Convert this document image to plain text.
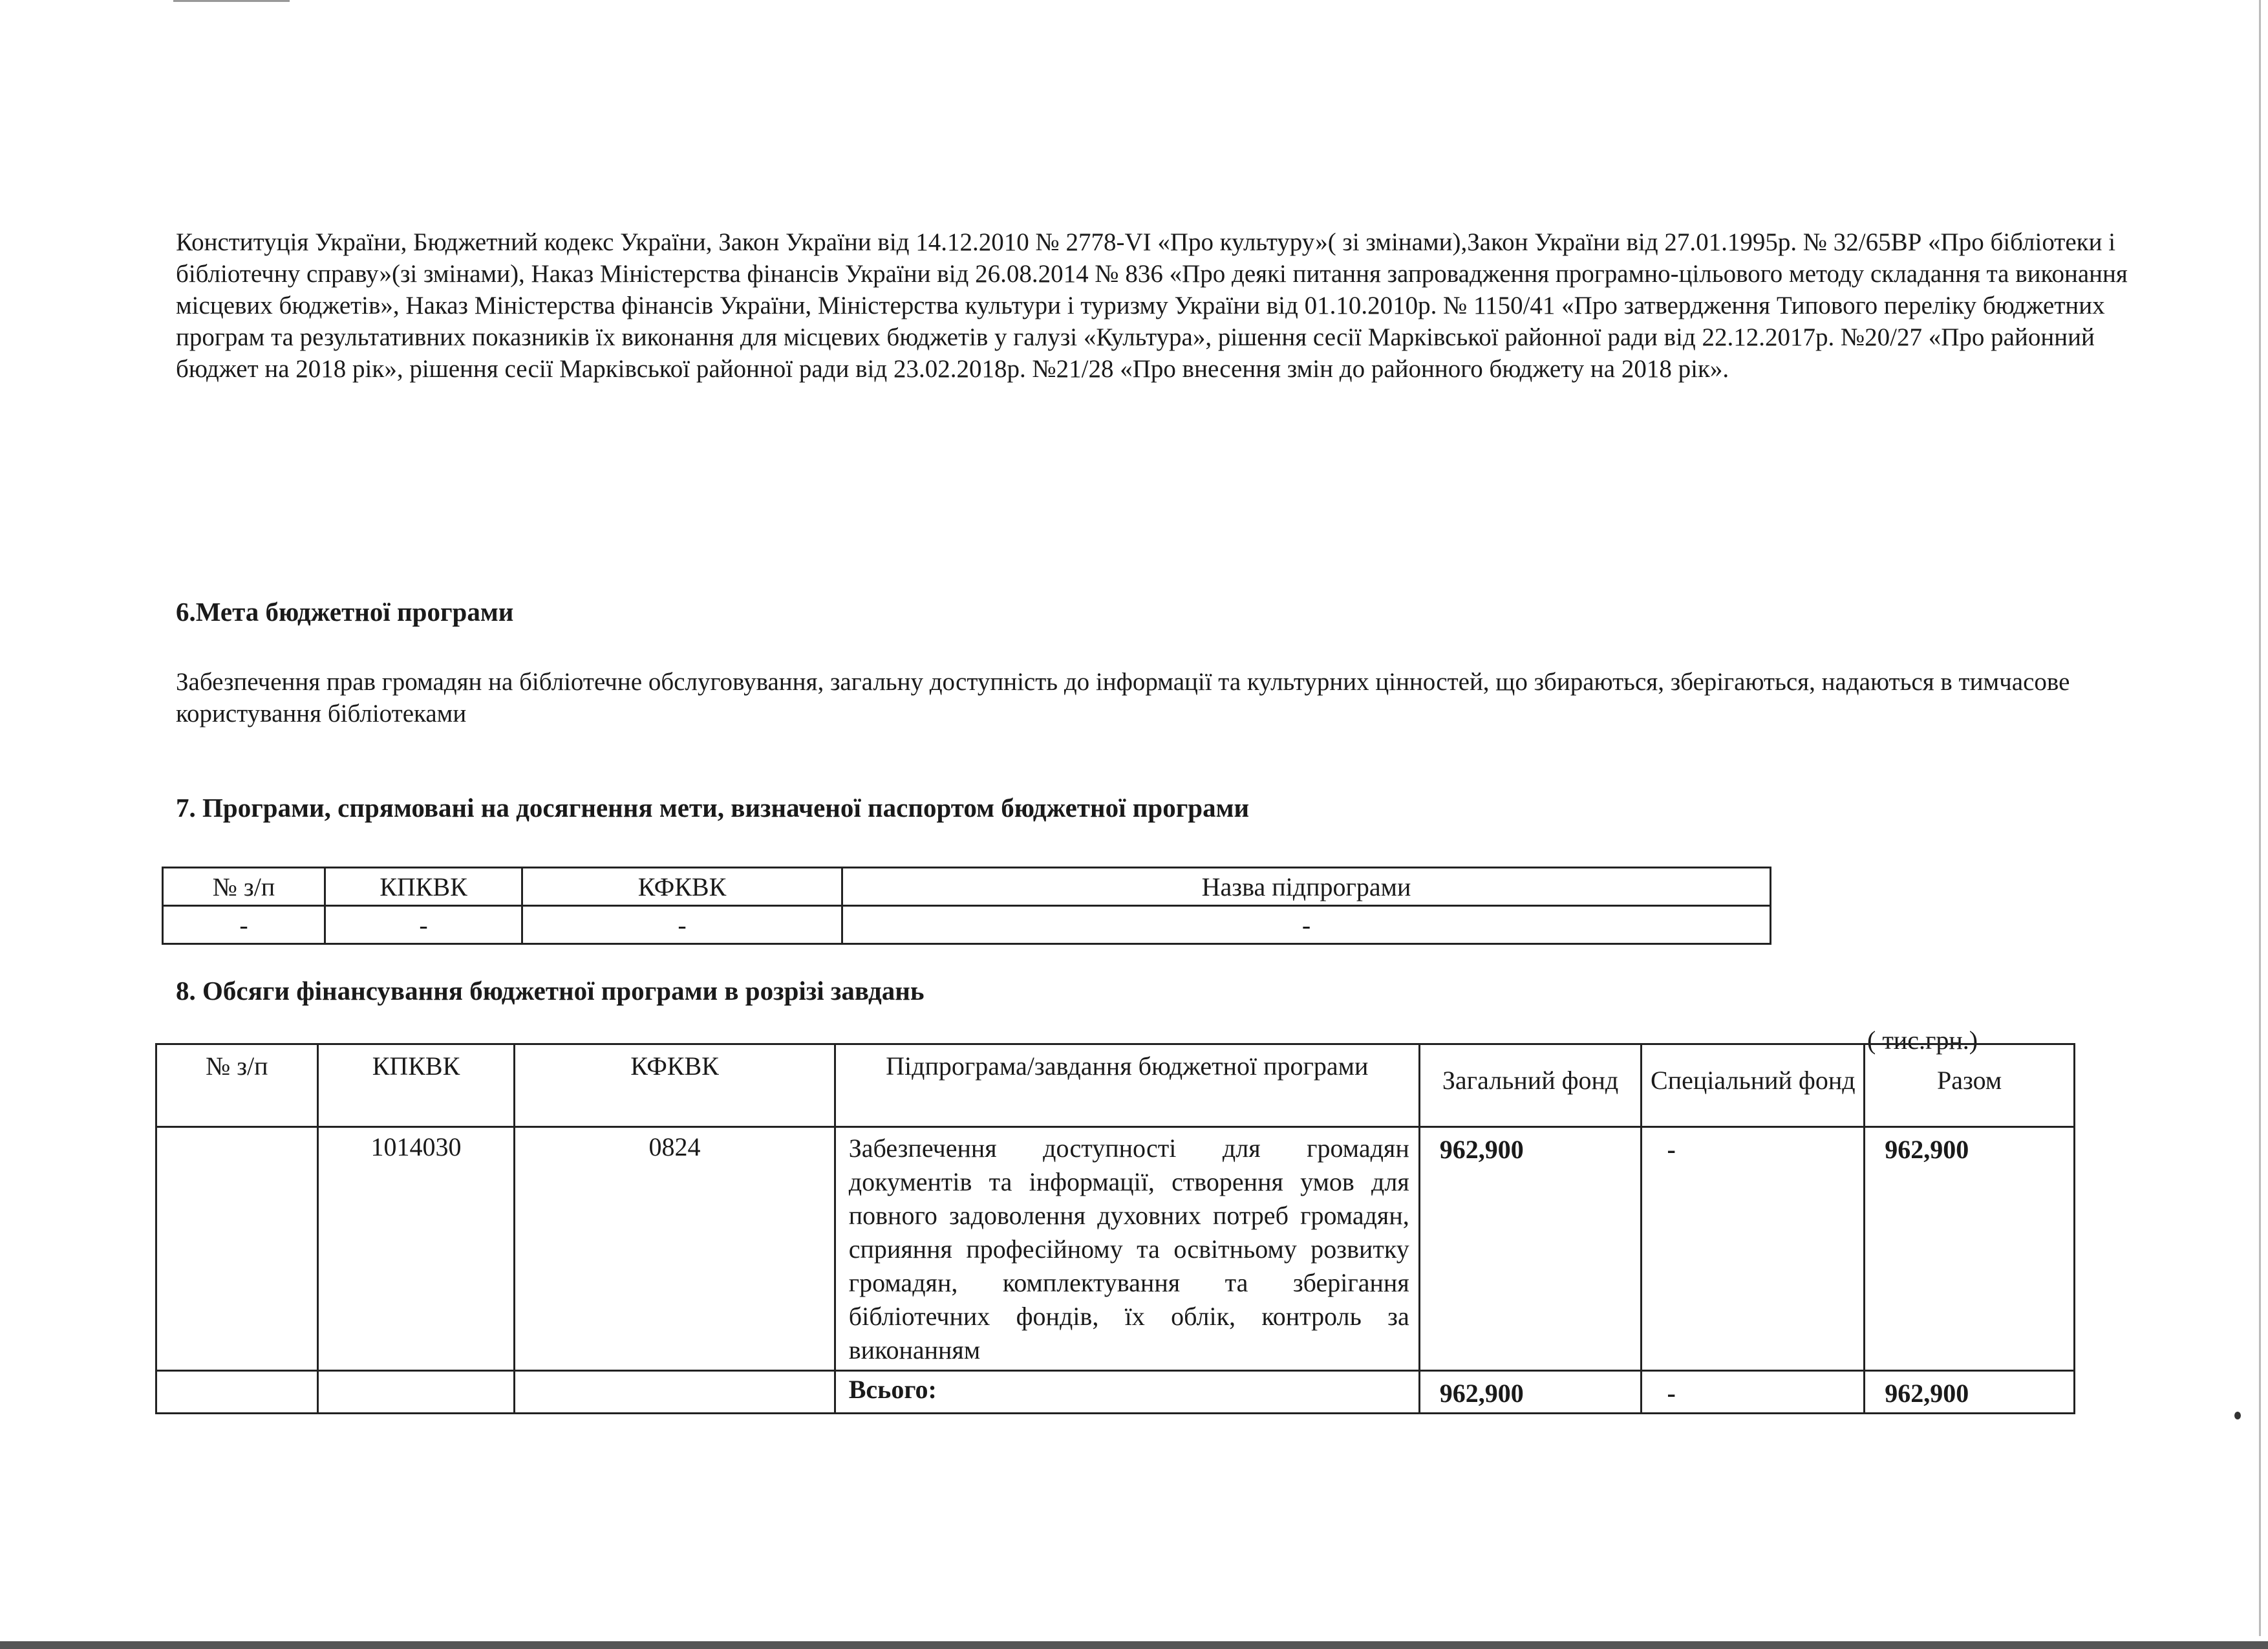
Конституція України, Бюджетний кодекс України, Закон України від 14.12.2010 № 2778-VI «Про культуру»( зі змінами),Закон України від 27.01.1995р. № 32/65ВР «Про бібліотеки і бібліотечну справу»(зі змінами), Наказ Міністерства фінансів України від 26.08.2014 № 836 «Про деякі питання запровадження програмно-цільового методу складання та виконання місцевих бюджетів», Наказ Міністерства фінансів України, Міністерства культури і туризму України від 01.10.2010р. № 1150/41 «Про затвердження Типового переліку бюджетних програм та результативних показників їх виконання для місцевих бюджетів у галузі «Культура», рішення сесії Марківської районної ради від 22.12.2017р. №20/27 «Про районний бюджет на 2018 рік», рішення сесії Марківської районної ради від 23.02.2018р. №21/28 «Про внесення змін до районного бюджету на 2018 рік».

6.Мета бюджетної програми

Забезпечення прав громадян на бібліотечне обслуговування, загальну доступність до інформації та культурних цінностей, що збираються, зберігаються, надаються в тимчасове користування бібліотеками

7. Програми, спрямовані на досягнення мети, визначеної паспортом бюджетної програми

№ з/п	КПКВК	КФКВК	Назва підпрограми
-	-	-	-

8. Обсяги фінансування бюджетної програми в розрізі завдань

( тис.грн.)
№ з/п	КПКВК	КФКВК	Підпрограма/завдання бюджетної програми	Загальний фонд	Спеціальний фонд	Разом
	1014030	0824	Забезпечення доступності для громадян документів та інформації, створення умов для повного задоволення духовних потреб громадян, сприяння професійному та освітньому розвитку громадян, комплектування та зберігання бібліотечних фондів, їх облік, контроль за виконанням	962,900	-	962,900
			Всього:	962,900	-	962,900
